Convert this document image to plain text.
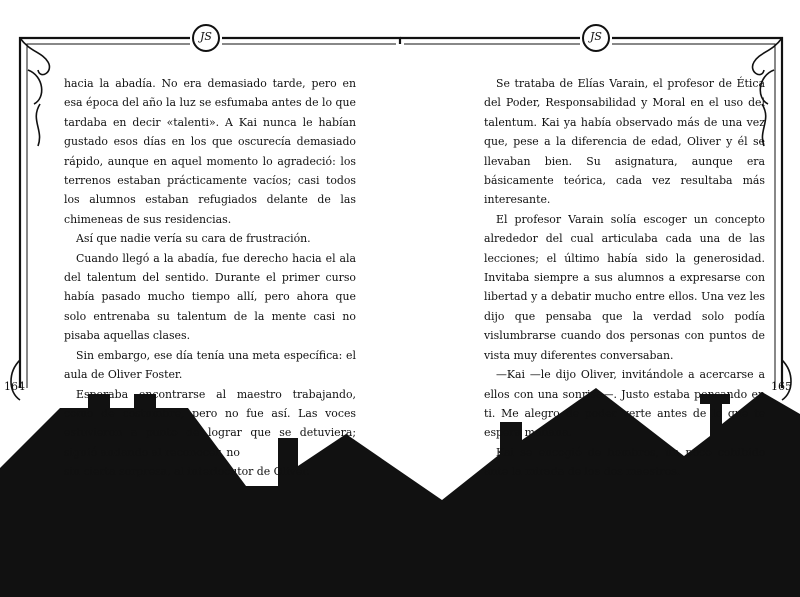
JS	JS

hacia la abadía. No era demasiado tarde, pero en esa época del año la luz se esfumaba antes de lo que tardaba en decir «talenti». A Kai nunca le habían gustado esos días en los que oscurecía demasiado rápido, aunque en aquel momento lo agradeció: los terrenos estaban prácticamente vacíos; casi todos los alumnos estaban refugiados delante de las chimeneas de sus residencias.

Así que nadie vería su cara de frustración.

Cuando llegó a la abadía, fue derecho hacia el ala del talentum del sentido. Durante el primer curso había pasado mucho tiempo allí, pero ahora que solo entrenaba su talentum de la mente casi no pisaba aquellas clases.

Sin embargo, ese día tenía una meta específica: el aula de Oliver Foster.

Esperaba encontrarse al maestro trabajando, como de costumbre, pero no fue así. Las voces estuvieron a punto de lograr que se detuviera; siguió andando al reconocer, no

sin cierta sorpresa, al interlocutor de Oliver.

Se trataba de Elías Varain, el profesor de Ética del Poder, Responsabilidad y Moral en el uso del talentum. Kai ya había observado más de una vez que, pese a la diferencia de edad, Oliver y él se llevaban bien. Su asignatura, aunque era básicamente teórica, cada vez resultaba más interesante.

El profesor Varain solía escoger un concepto alrededor del cual articulaba cada una de las lecciones; el último había sido la generosidad. Invitaba siempre a sus alumnos a expresarse con libertad y a debatir mucho entre ellos. Una vez les dijo que pensaba que la verdad solo podía vislumbrarse cuando dos personas con puntos de vista muy diferentes conversaban.

—Kai —le dijo Oliver, invitándole a acercarse a ellos con una sonrisa—. Justo estaba pensando en ti. Me alegro de poder verte antes de lo que te espera mañana.

Kai se encogió de hombros, un poco cohibido ante la mirada de los dos maestros.

164	165
